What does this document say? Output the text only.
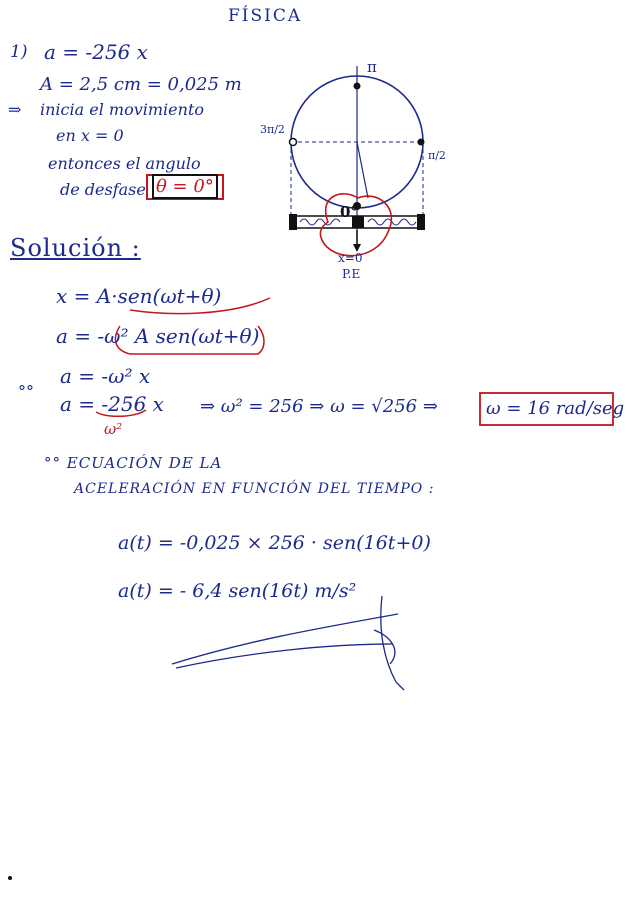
FÍSICA
1) a = -256 x
A = 2,5 cm = 0,025 m
⇒ inicia el movimiento
en x = 0
entonces el angulo
de desfase θ = 0°
π
3π/2
π/2
0°
x=0
P.E
Solución :
x = A·sen(ωt+θ)
a = -ω² A sen(ωt+θ)
a = -ω² x
°°
a = -256 x
ω²
⇒ ω² = 256 ⇒ ω = √256 ⇒	ω = 16 rad/seg
°° ECUACIÓN DE LA
ACELERACIÓN EN FUNCIÓN DEL TIEMPO :
a(t) = -0,025 × 256 · sen(16t+0)
a(t) = - 6,4 sen(16t) m/s²
